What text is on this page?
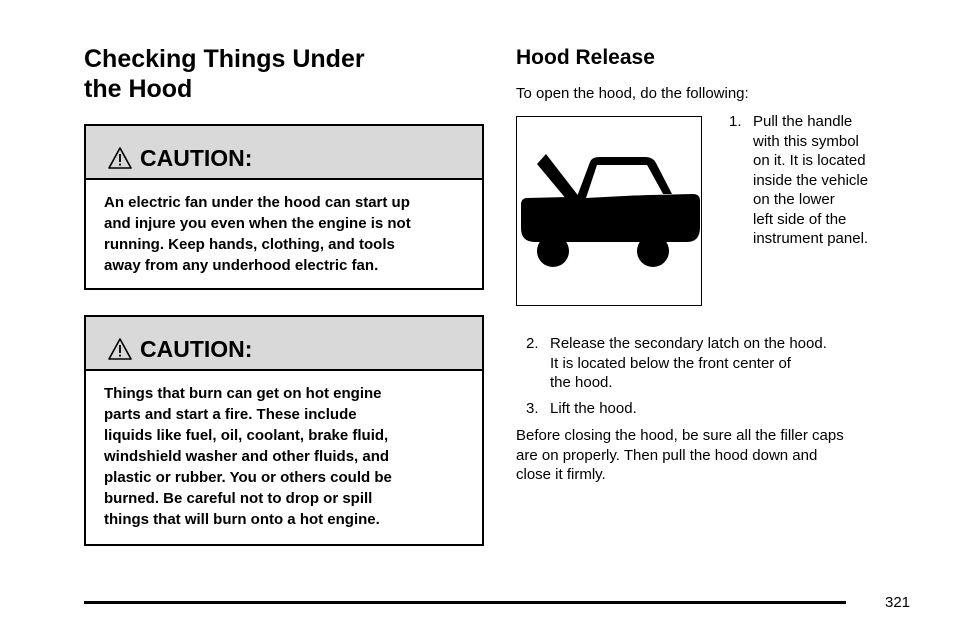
Checking Things Under
the Hood
CAUTION:
An electric fan under the hood can start up
and injure you even when the engine is not
running. Keep hands, clothing, and tools
away from any underhood electric fan.
CAUTION:
Things that burn can get on hot engine
parts and start a fire. These include
liquids like fuel, oil, coolant, brake fluid,
windshield washer and other fluids, and
plastic or rubber. You or others could be
burned. Be careful not to drop or spill
things that will burn onto a hot engine.
Hood Release
To open the hood, do the following:
1. Pull the handle
with this symbol
on it. It is located
inside the vehicle
on the lower
left side of the
instrument panel.
2. Release the secondary latch on the hood.
It is located below the front center of
the hood.
3. Lift the hood.
Before closing the hood, be sure all the filler caps
are on properly. Then pull the hood down and
close it firmly.
321
